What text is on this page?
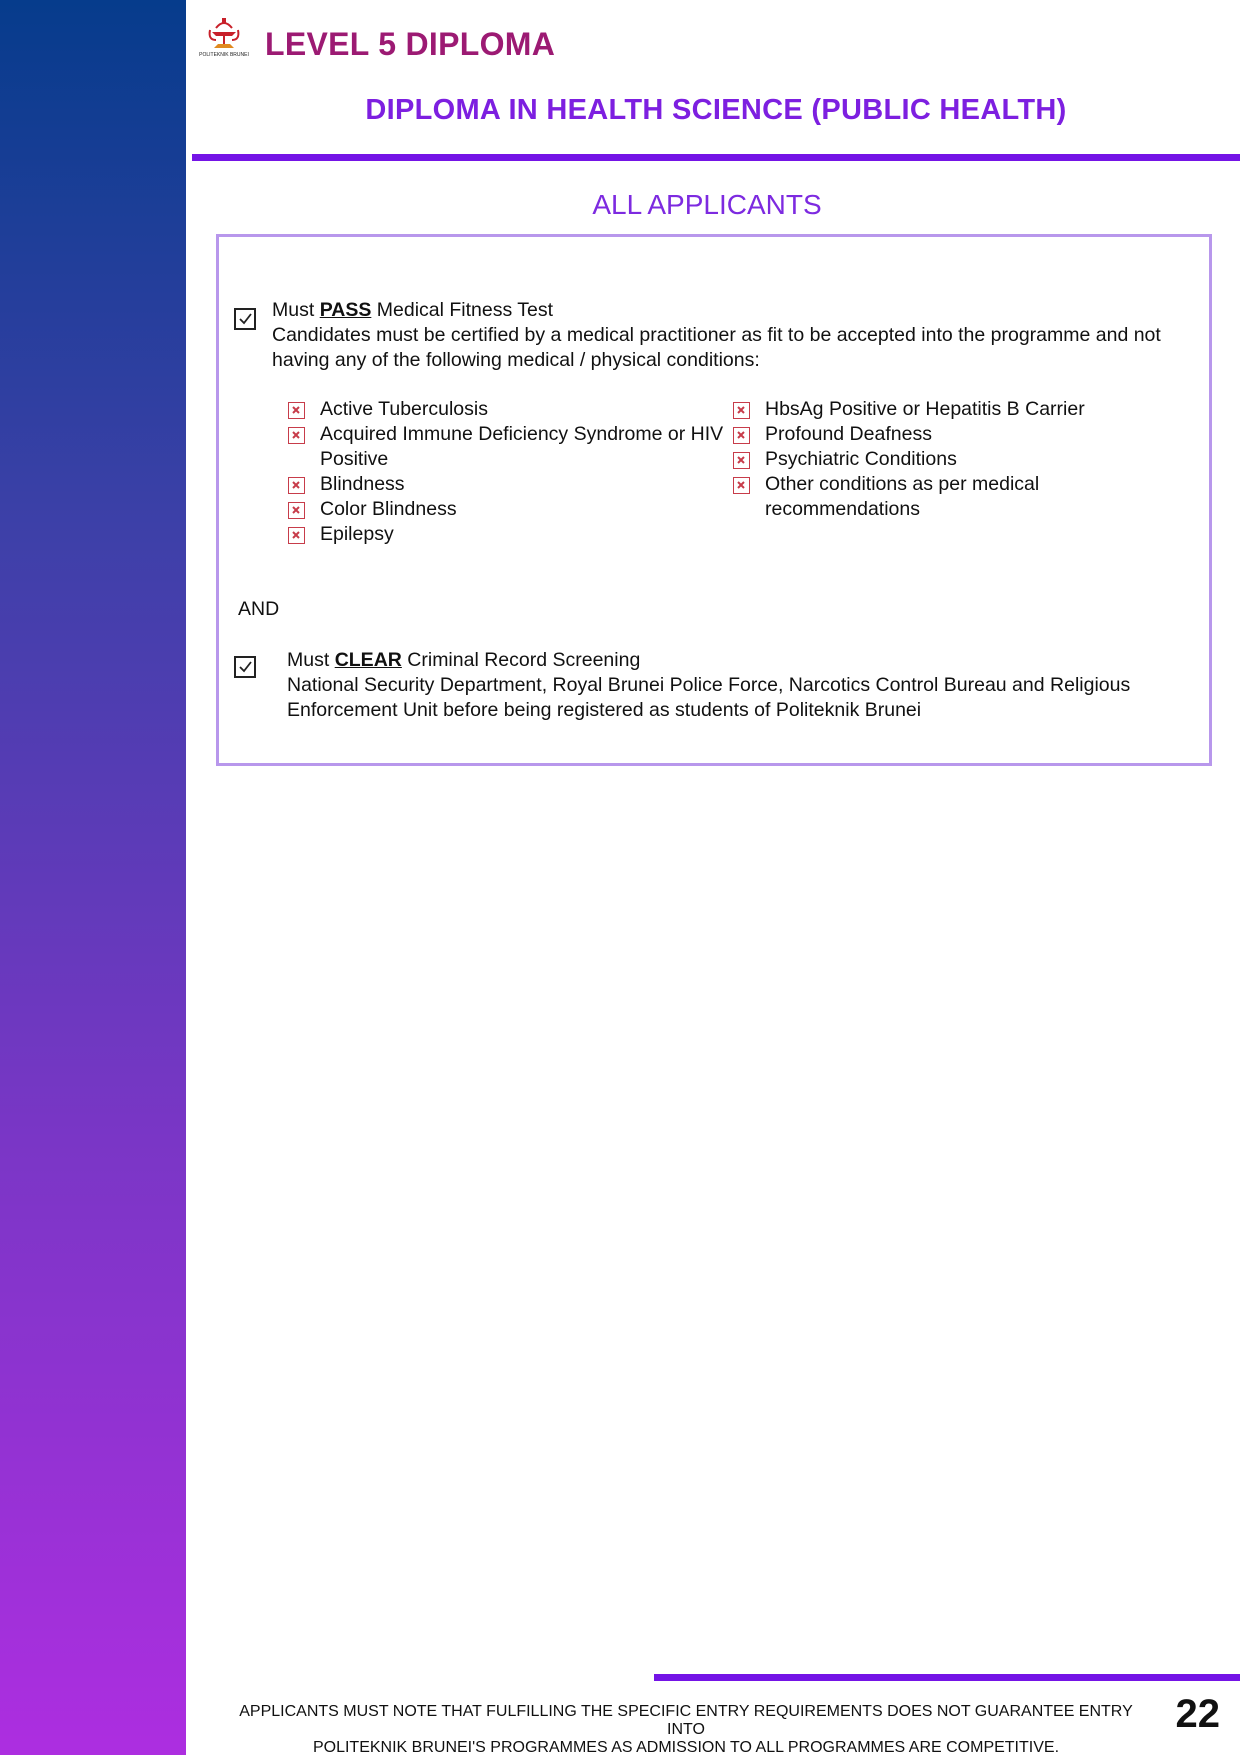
POLITEKNIK BRUNEI LEVEL 5 DIPLOMA
DIPLOMA IN HEALTH SCIENCE (PUBLIC HEALTH)
ALL APPLICANTS
Must PASS Medical Fitness Test
Candidates must be certified by a medical practitioner as fit to be accepted into the programme and not having any of the following medical / physical conditions:
Active Tuberculosis
Acquired Immune Deficiency Syndrome or HIV Positive
Blindness
Color Blindness
Epilepsy
HbsAg Positive or Hepatitis B Carrier
Profound Deafness
Psychiatric Conditions
Other conditions as per medical recommendations
AND
Must CLEAR Criminal Record Screening
National Security Department, Royal Brunei Police Force, Narcotics Control Bureau and Religious Enforcement Unit before being registered as students of Politeknik Brunei
APPLICANTS MUST NOTE THAT FULFILLING THE SPECIFIC ENTRY REQUIREMENTS DOES NOT GUARANTEE ENTRY INTO
POLITEKNIK BRUNEI'S PROGRAMMES AS ADMISSION TO ALL PROGRAMMES ARE COMPETITIVE.
22
